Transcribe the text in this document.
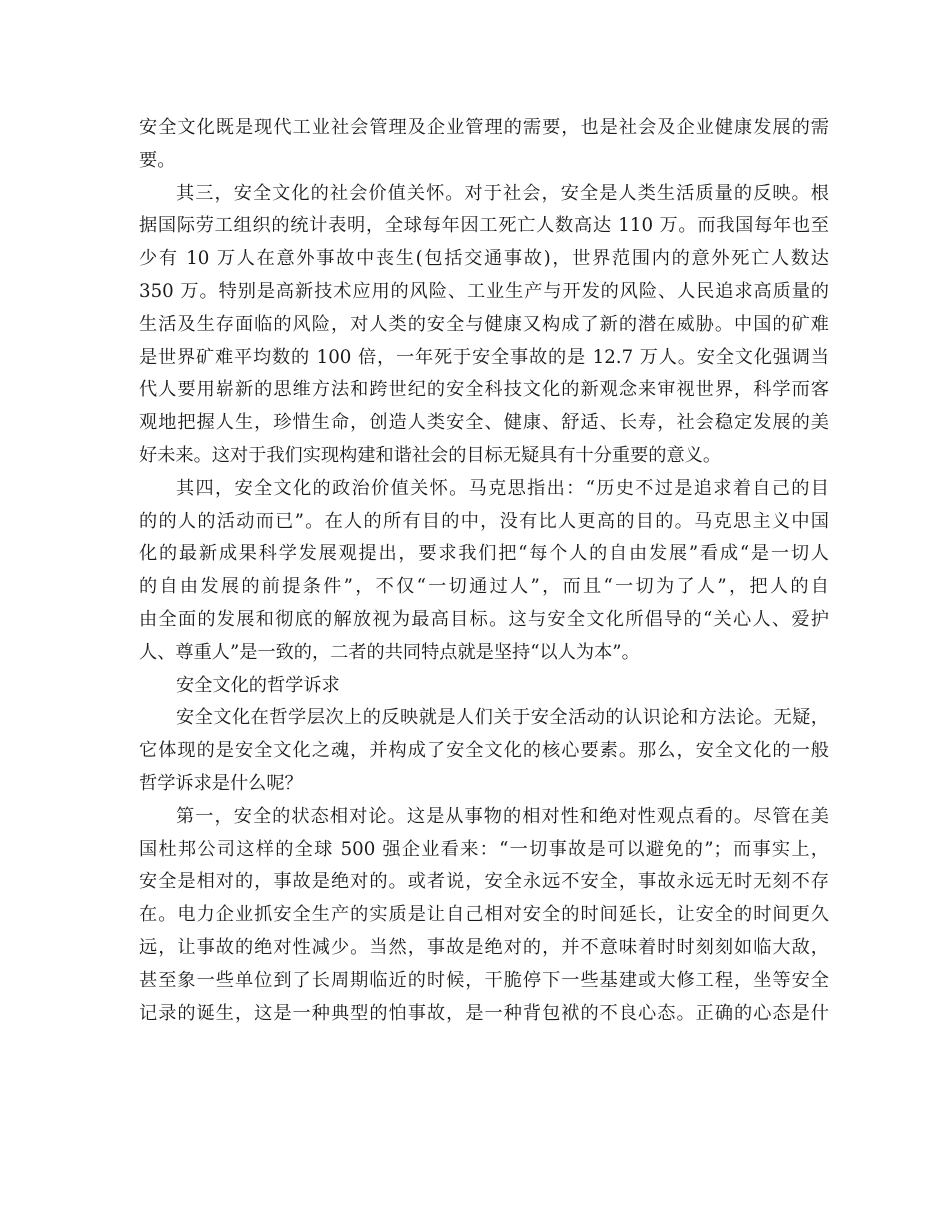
安全文化既是现代工业社会管理及企业管理的需要，也是社会及企业健康发展的需
要。
其三，安全文化的社会价值关怀。对于社会，安全是人类生活质量的反映。根
据国际劳工组织的统计表明，全球每年因工死亡人数高达 110 万。而我国每年也至
少有 10 万人在意外事故中丧生(包括交通事故)，世界范围内的意外死亡人数达
350 万。特别是高新技术应用的风险、工业生产与开发的风险、人民追求高质量的
生活及生存面临的风险，对人类的安全与健康又构成了新的潜在威胁。中国的矿难
是世界矿难平均数的 100 倍，一年死于安全事故的是 12.7 万人。安全文化强调当
代人要用崭新的思维方法和跨世纪的安全科技文化的新观念来审视世界，科学而客
观地把握人生，珍惜生命，创造人类安全、健康、舒适、长寿，社会稳定发展的美
好未来。这对于我们实现构建和谐社会的目标无疑具有十分重要的意义。
其四，安全文化的政治价值关怀。马克思指出：“历史不过是追求着自己的目
的的人的活动而已”。在人的所有目的中，没有比人更高的目的。马克思主义中国
化的最新成果科学发展观提出，要求我们把“每个人的自由发展”看成“是一切人
的自由发展的前提条件”，不仅“一切通过人”，而且“一切为了人”，把人的自
由全面的发展和彻底的解放视为最高目标。这与安全文化所倡导的“关心人、爱护
人、尊重人”是一致的，二者的共同特点就是坚持“以人为本”。
安全文化的哲学诉求
安全文化在哲学层次上的反映就是人们关于安全活动的认识论和方法论。无疑，
它体现的是安全文化之魂，并构成了安全文化的核心要素。那么，安全文化的一般
哲学诉求是什么呢？
第一，安全的状态相对论。这是从事物的相对性和绝对性观点看的。尽管在美
国杜邦公司这样的全球 500 强企业看来：“一切事故是可以避免的”；而事实上，
安全是相对的，事故是绝对的。或者说，安全永远不安全，事故永远无时无刻不存
在。电力企业抓安全生产的实质是让自己相对安全的时间延长，让安全的时间更久
远，让事故的绝对性减少。当然，事故是绝对的，并不意味着时时刻刻如临大敌，
甚至象一些单位到了长周期临近的时候，干脆停下一些基建或大修工程，坐等安全
记录的诞生，这是一种典型的怕事故，是一种背包袱的不良心态。正确的心态是什
